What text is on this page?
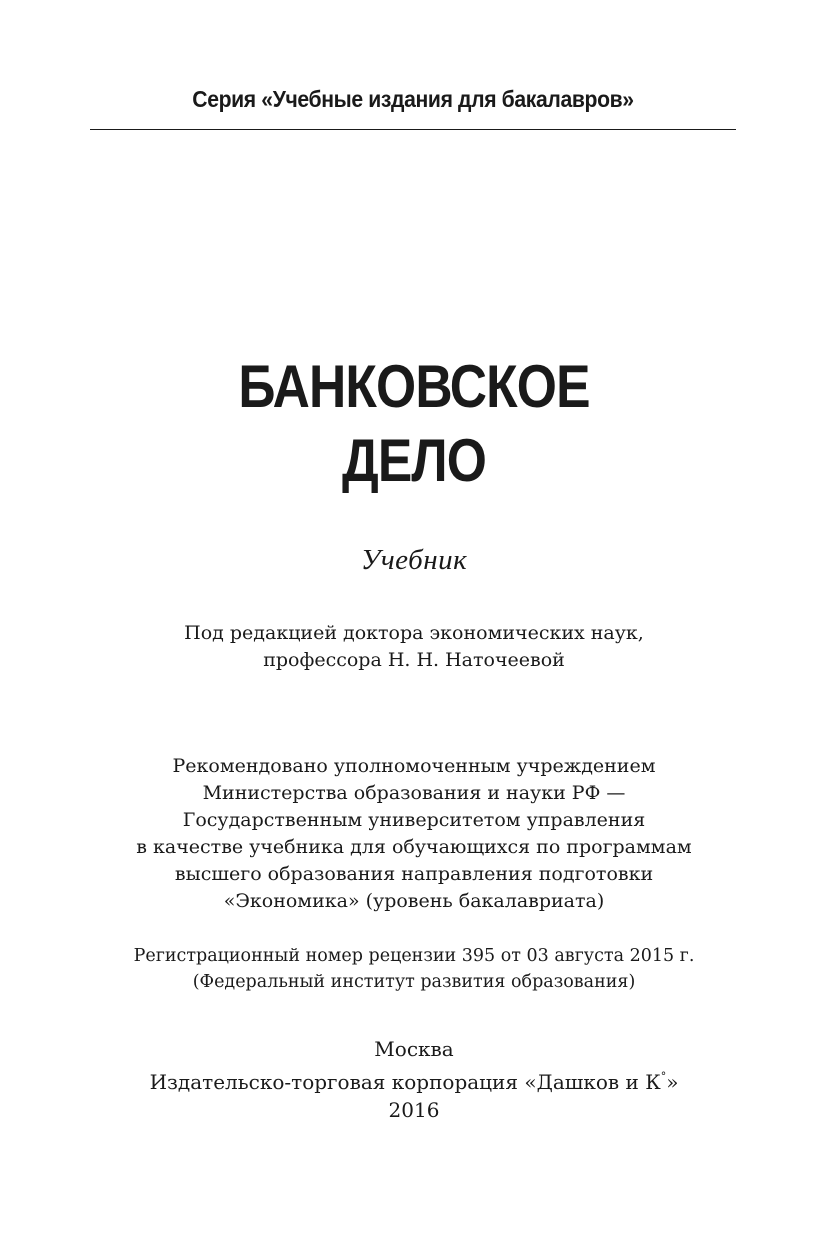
Серия «Учебные издания для бакалавров»
БАНКОВСКОЕ
ДЕЛО
Учебник
Под редакцией доктора экономических наук,
профессора Н. Н. Наточеевой
Рекомендовано уполномоченным учреждением
Министерства образования и науки РФ —
Государственным университетом управления
в качестве учебника для обучающихся по программам
высшего образования направления подготовки
«Экономика» (уровень бакалавриата)
Регистрационный номер рецензии 395 от 03 августа 2015 г.
(Федеральный институт развития образования)
Москва
Издательско-торговая корпорация «Дашков и К°»
2016
